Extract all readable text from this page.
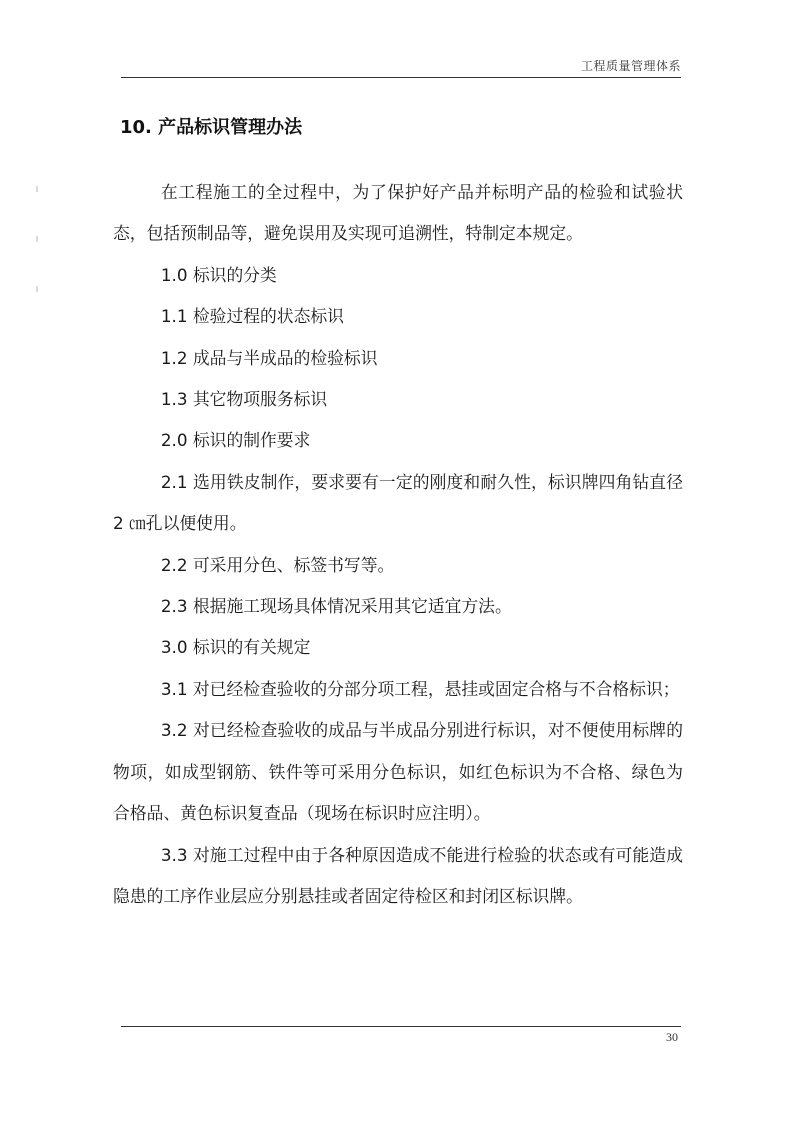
工程质量管理体系
10. 产品标识管理办法

在工程施工的全过程中，为了保护好产品并标明产品的检验和试验状态，包括预制品等，避免误用及实现可追溯性，特制定本规定。

1.0 标识的分类

1.1 检验过程的状态标识

1.2 成品与半成品的检验标识

1.3 其它物项服务标识

2.0 标识的制作要求

2.1 选用铁皮制作，要求要有一定的刚度和耐久性，标识牌四角钻直径 2 ㎝孔以便使用。

2.2 可采用分色、标签书写等。

2.3 根据施工现场具体情况采用其它适宜方法。

3.0 标识的有关规定

3.1 对已经检查验收的分部分项工程，悬挂或固定合格与不合格标识；

3.2 对已经检查验收的成品与半成品分别进行标识，对不便使用标牌的物项，如成型钢筋、铁件等可采用分色标识，如红色标识为不合格、绿色为合格品、黄色标识复查品（现场在标识时应注明）。

3.3 对施工过程中由于各种原因造成不能进行检验的状态或有可能造成隐患的工序作业层应分别悬挂或者固定待检区和封闭区标识牌。

30
